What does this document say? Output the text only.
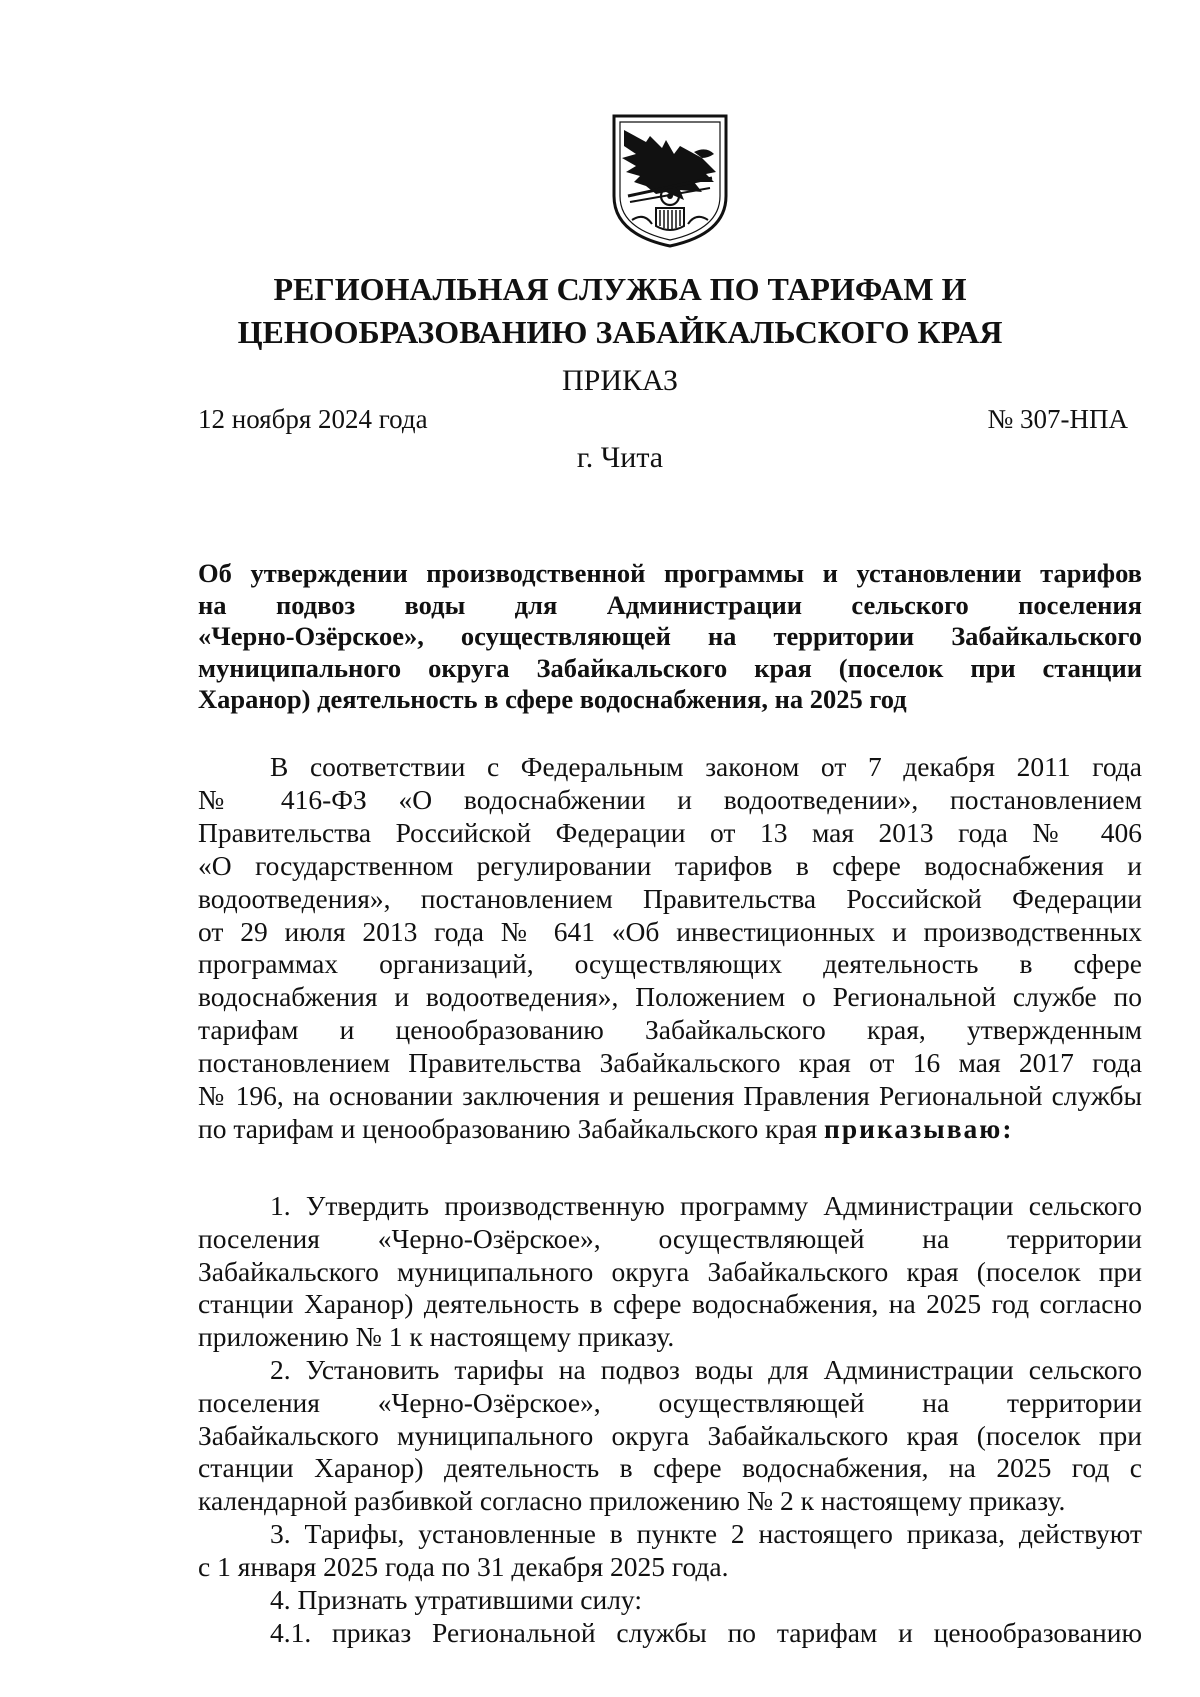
РЕГИОНАЛЬНАЯ СЛУЖБА ПО ТАРИФАМ И
ЦЕНООБРАЗОВАНИЮ ЗАБАЙКАЛЬСКОГО КРАЯ
ПРИКАЗ
12 ноября 2024 года	№ 307-НПА
г. Чита
Об утверждении производственной программы и установлении тарифов
на подвоз воды для Администрации сельского поселения
«Черно-Озёрское», осуществляющей на территории Забайкальского
муниципального округа Забайкальского края (поселок при станции
Харанор) деятельность в сфере водоснабжения, на 2025 год
В соответствии с Федеральным законом от 7 декабря 2011 года
№ 416-ФЗ «О водоснабжении и водоотведении», постановлением
Правительства Российской Федерации от 13 мая 2013 года № 406
«О государственном регулировании тарифов в сфере водоснабжения и
водоотведения», постановлением Правительства Российской Федерации
от 29 июля 2013 года № 641 «Об инвестиционных и производственных
программах организаций, осуществляющих деятельность в сфере
водоснабжения и водоотведения», Положением о Региональной службе по
тарифам и ценообразованию Забайкальского края, утвержденным
постановлением Правительства Забайкальского края от 16 мая 2017 года
№ 196, на основании заключения и решения Правления Региональной службы
по тарифам и ценообразованию Забайкальского края приказываю:
1. Утвердить производственную программу Администрации сельского
поселения «Черно-Озёрское», осуществляющей на территории
Забайкальского муниципального округа Забайкальского края (поселок при
станции Харанор) деятельность в сфере водоснабжения, на 2025 год согласно
приложению № 1 к настоящему приказу.
2. Установить тарифы на подвоз воды для Администрации сельского
поселения «Черно-Озёрское», осуществляющей на территории
Забайкальского муниципального округа Забайкальского края (поселок при
станции Харанор) деятельность в сфере водоснабжения, на 2025 год с
календарной разбивкой согласно приложению № 2 к настоящему приказу.
3. Тарифы, установленные в пункте 2 настоящего приказа, действуют
с 1 января 2025 года по 31 декабря 2025 года.
4. Признать утратившими силу:
4.1. приказ Региональной службы по тарифам и ценообразованию
